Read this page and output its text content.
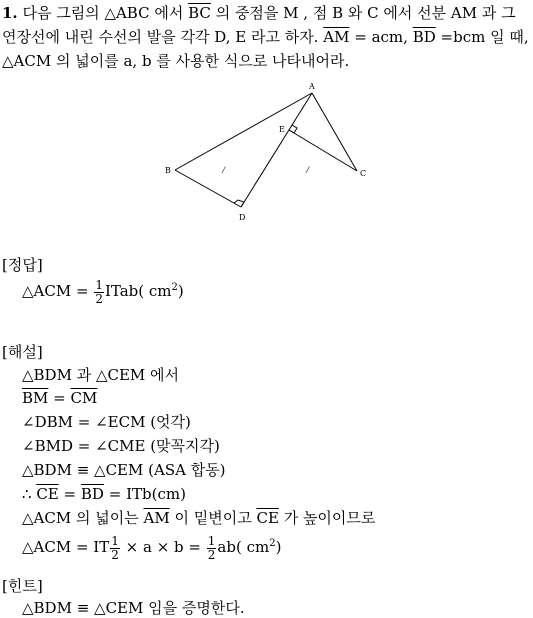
1. 다음 그림의 △ABC 에서 $\overline{BC}$ 의 중점을 M , 점 B 와 C 에서 선분 AM 과 그
연장선에 내린 수선의 발을 각각 D, E 라고 하자. $\overline{AM}$ = acm, $\overline{BD} =bcm$ 일 때,
△ACM 의 넓이를 a, b 를 사용한 식으로 나타내어라.
⁄	⁄
A
E
B	C
D
[정답]
△ACM = $\frac{1}{2}$ ITab( $cm^2$)
[해설]
△BDM 과 △CEM 에서
$\overline{BM} = \overline{CM}$
∠DBM = ∠ECM (엇각)
∠BMD = ∠CME (맞꼭지각)
△BDM ≡ △CEM (ASA 합동)
∴ $\overline{CE} = \overline{BD} = ITb(cm)$
△ACM 의 넓이는 $\overline{AM}$ 이 밑변이고 $\overline{CE}$ 가 높이이므로
△ACM = IT $\frac{1}{2} \times a \times b = \frac{1}{2} ab$( $cm^2$)
[힌트]
△BDM ≡ △CEM 임을 증명한다.
